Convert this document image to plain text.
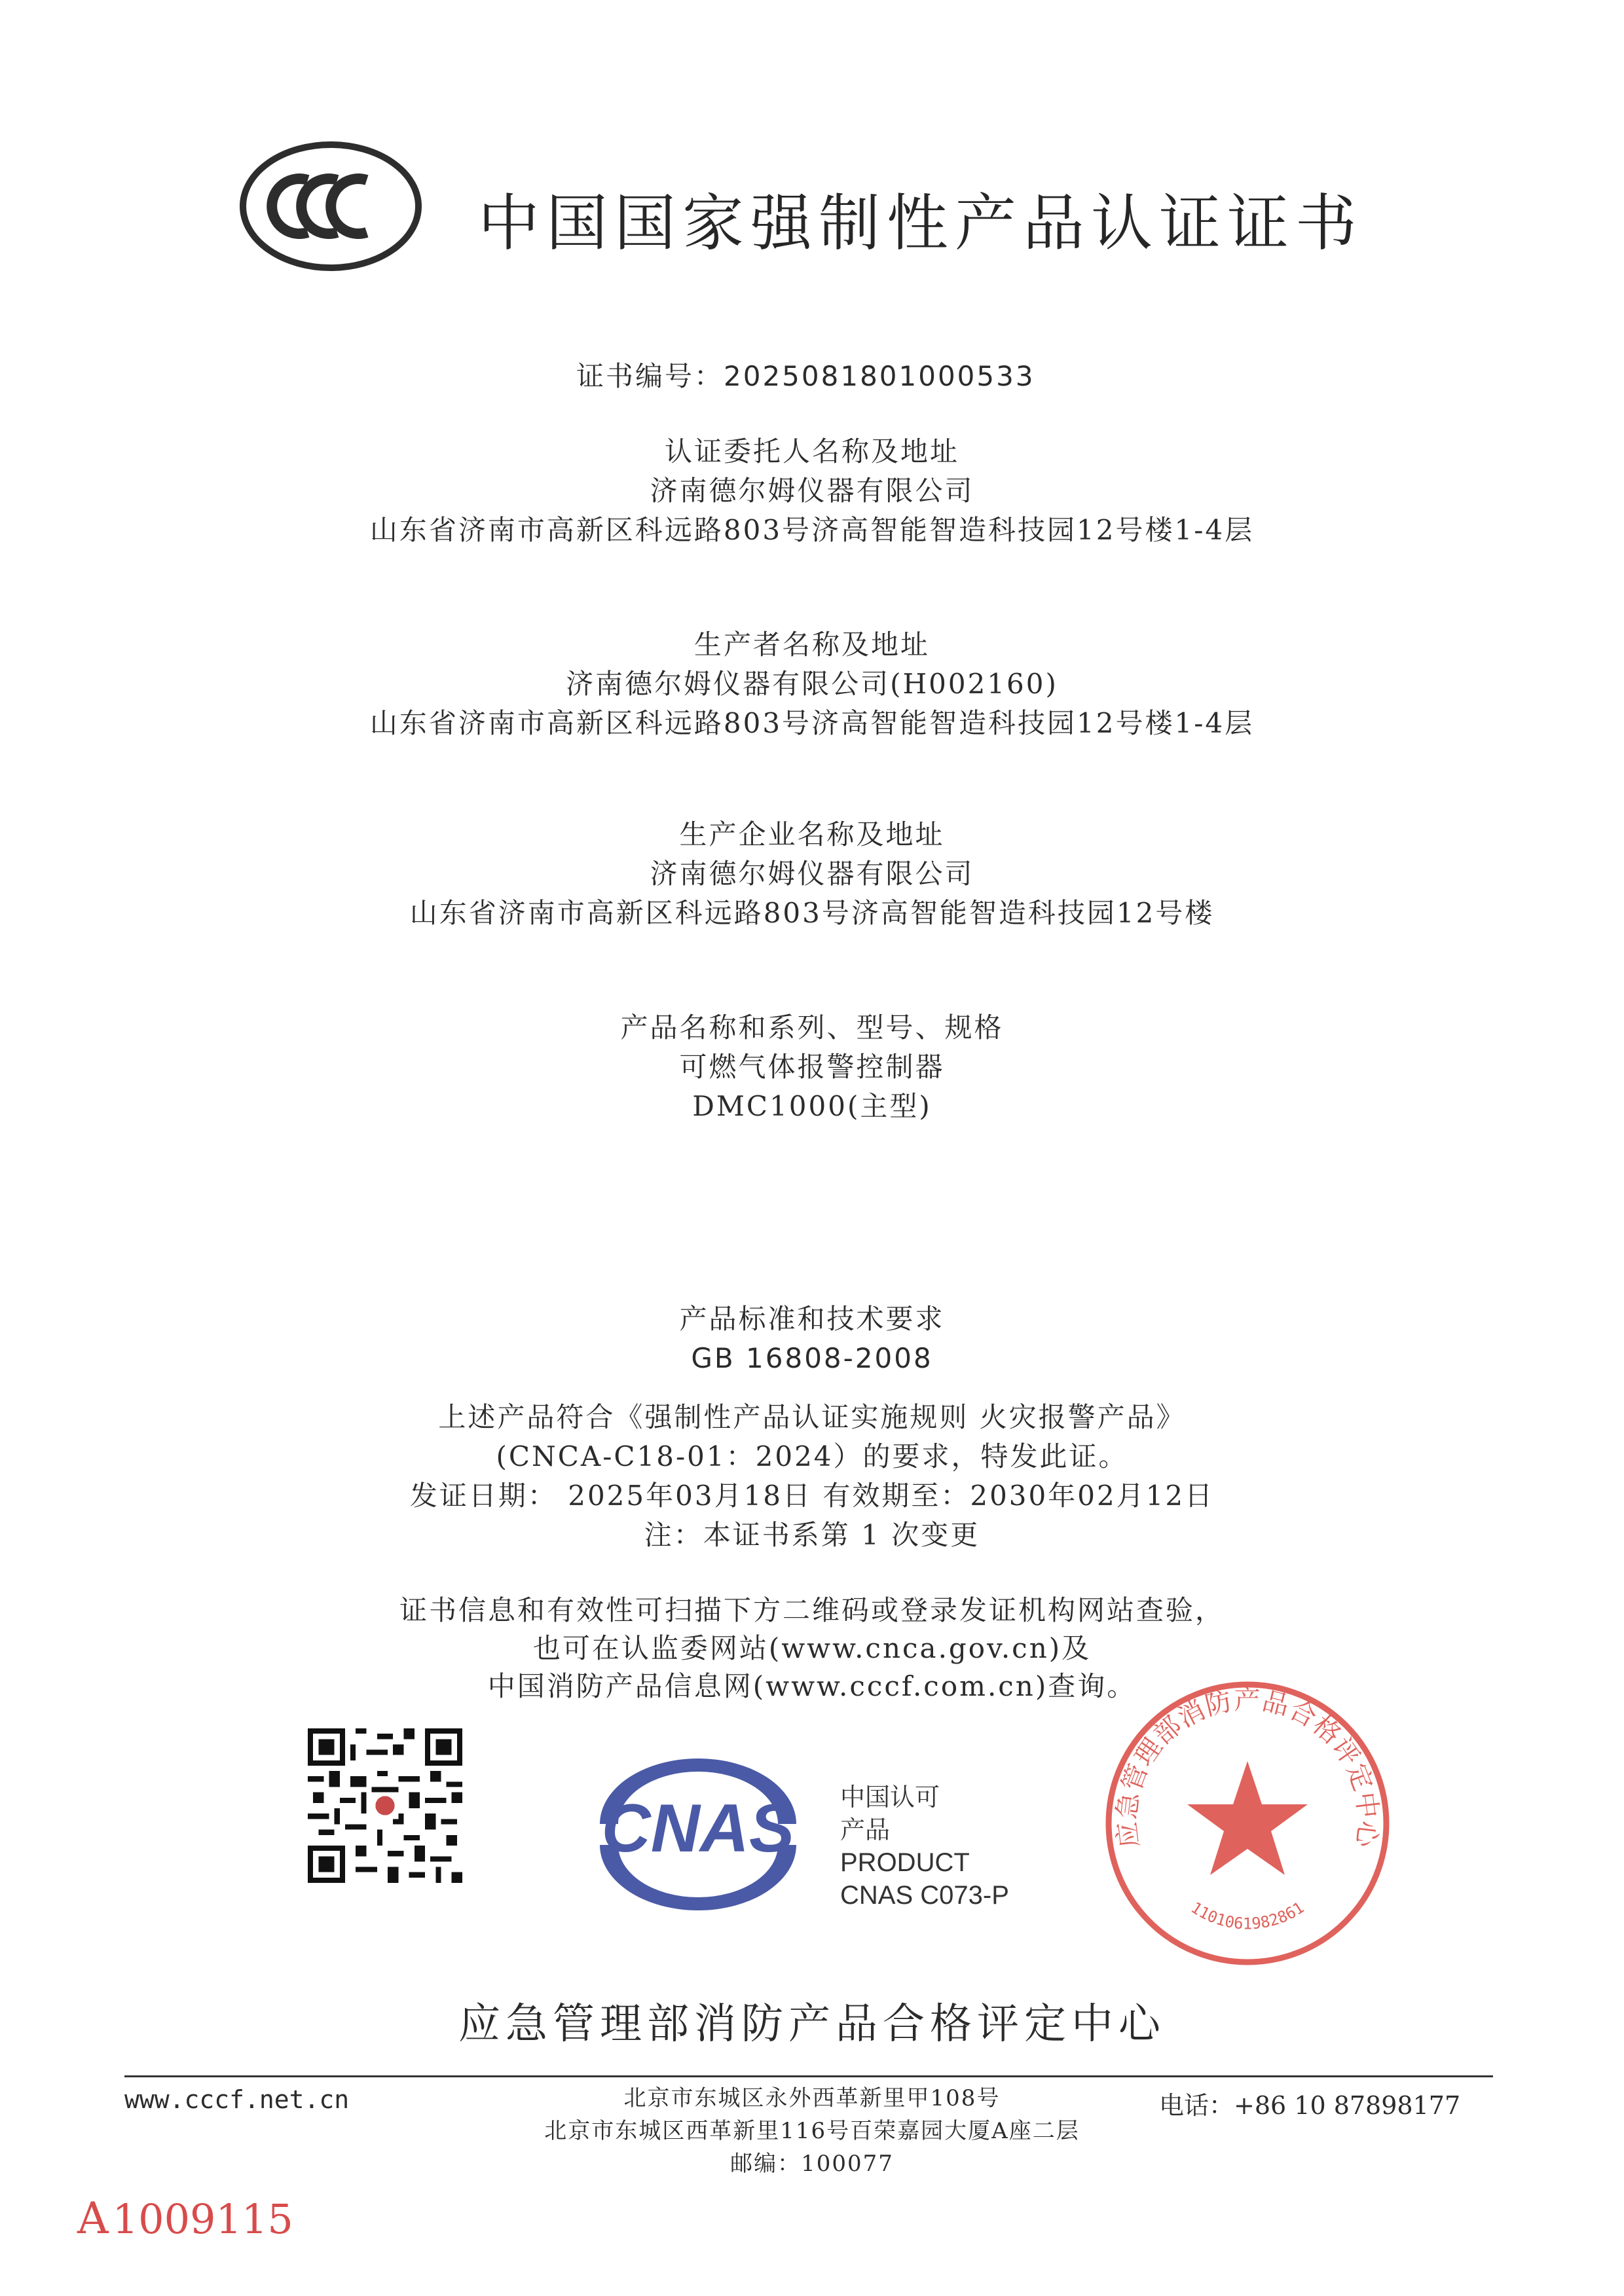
中国国家强制性产品认证证书
证书编号：2025081801000533
认证委托人名称及地址
济南德尔姆仪器有限公司
山东省济南市高新区科远路803号济高智能智造科技园12号楼1-4层
生产者名称及地址
济南德尔姆仪器有限公司(H002160)
山东省济南市高新区科远路803号济高智能智造科技园12号楼1-4层
生产企业名称及地址
济南德尔姆仪器有限公司
山东省济南市高新区科远路803号济高智能智造科技园12号楼
产品名称和系列、型号、规格
可燃气体报警控制器
DMC1000(主型)
产品标准和技术要求
GB 16808-2008
上述产品符合《强制性产品认证实施规则 火灾报警产品》
(CNCA-C18-01：2024）的要求，特发此证。
发证日期： 2025年03月18日 有效期至：2030年02月12日
注：本证书系第 1 次变更
证书信息和有效性可扫描下方二维码或登录发证机构网站查验，
也可在认监委网站(www.cnca.gov.cn)及
中国消防产品信息网(www.cccf.com.cn)查询。
CNAS 中国认可
产品
PRODUCT
CNAS C073-P
应急管理部消防产品合格评定中心
1101061982861
应急管理部消防产品合格评定中心
www.cccf.net.cn	北京市东城区永外西革新里甲108号
北京市东城区西革新里116号百荣嘉园大厦A座二层
邮编：100077
电话：+86 10 87898177
A1009115
